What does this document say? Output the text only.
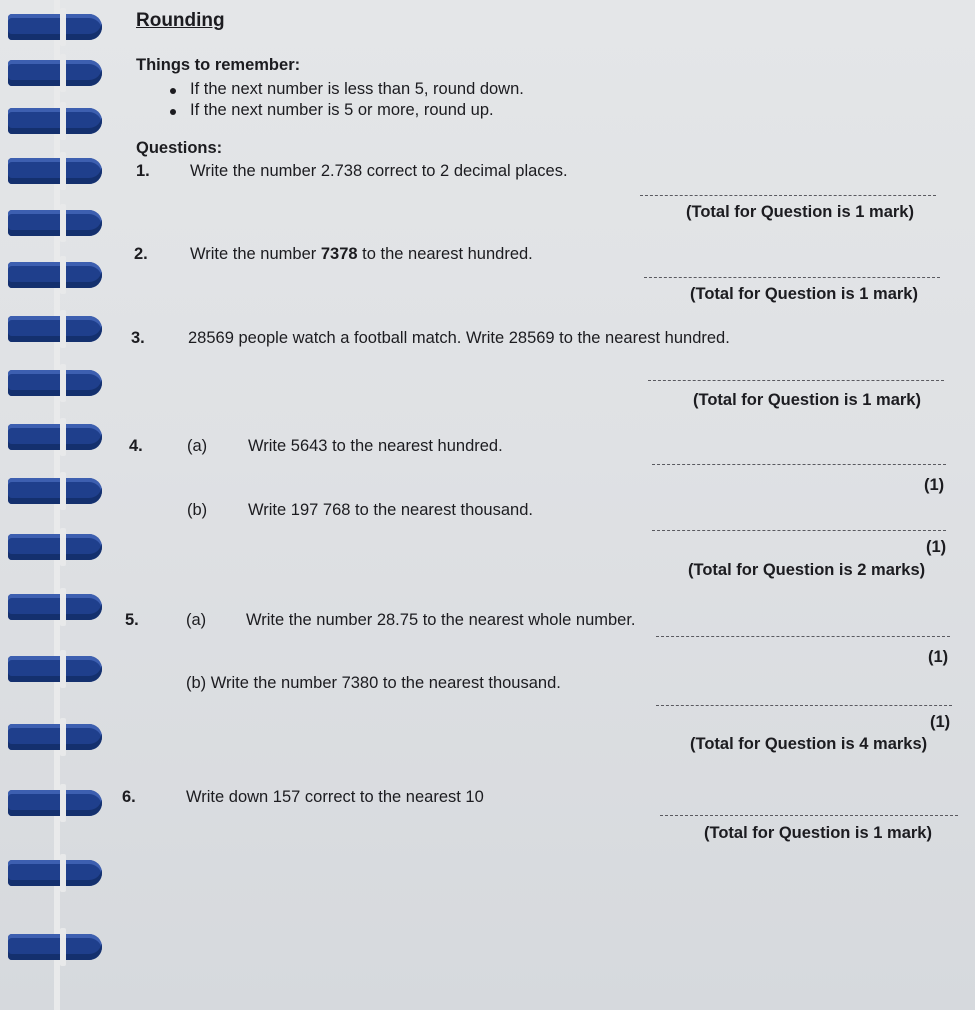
Rounding
Things to remember:
If the next number is less than 5, round down.
If the next number is 5 or more, round up.
Questions:
1. Write the number 2.738 correct to 2 decimal places.
(Total for Question is 1 mark)
2.	Write the number 7378 to the nearest hundred.
(Total for Question is 1 mark)
3.	28569 people watch a football match. Write 28569 to the nearest hundred.
(Total for Question is 1 mark)
4.	(a) Write 5643 to the nearest hundred.
(1)
(b) Write 197 768 to the nearest thousand.
(1)
(Total for Question is 2 marks)
5.	(a) Write the number 28.75 to the nearest whole number.
(1)
(b) Write the number 7380 to the nearest thousand.
(1)
(Total for Question is 4 marks)
6.	Write down 157 correct to the nearest 10
(Total for Question is 1 mark)
